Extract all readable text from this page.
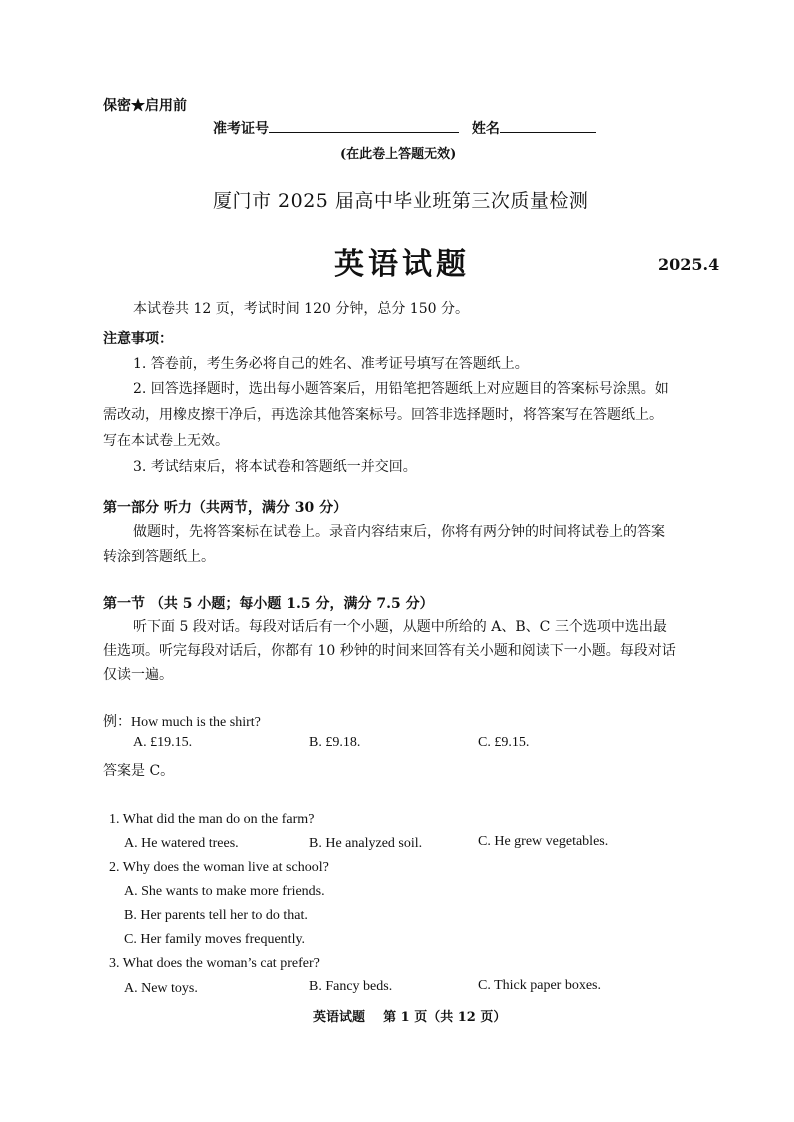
保密★启用前
准考证号	姓名
(在此卷上答题无效)
厦门市 2025 届高中毕业班第三次质量检测
英语试题	2025.4
本试卷共 12 页，考试时间 120 分钟，总分 150 分。
注意事项：
1. 答卷前，考生务必将自己的姓名、准考证号填写在答题纸上。
2. 回答选择题时，选出每小题答案后，用铅笔把答题纸上对应题目的答案标号涂黑。如
需改动，用橡皮擦干净后，再选涂其他答案标号。回答非选择题时，将答案写在答题纸上。
写在本试卷上无效。
3. 考试结束后，将本试卷和答题纸一并交回。
第一部分 听力（共两节，满分 30 分）
做题时，先将答案标在试卷上。录音内容结束后，你将有两分钟的时间将试卷上的答案
转涂到答题纸上。
第一节 （共 5 小题；每小题 1.5 分，满分 7.5 分）
听下面 5 段对话。每段对话后有一个小题，从题中所给的 A、B、C 三个选项中选出最
佳选项。听完每段对话后，你都有 10 秒钟的时间来回答有关小题和阅读下一小题。每段对话
仅读一遍。
例：How much is the shirt?
A. £19.15.	B. £9.18.	C. £9.15.
答案是 C。
1. What did the man do on the farm?
A. He watered trees.	B. He analyzed soil.	C. He grew vegetables.
2. Why does the woman live at school?
A. She wants to make more friends.
B. Her parents tell her to do that.
C. Her family moves frequently.
3. What does the woman’s cat prefer?
A. New toys.	B. Fancy beds.	C. Thick paper boxes.
英语试题    第 1 页（共 12 页）
